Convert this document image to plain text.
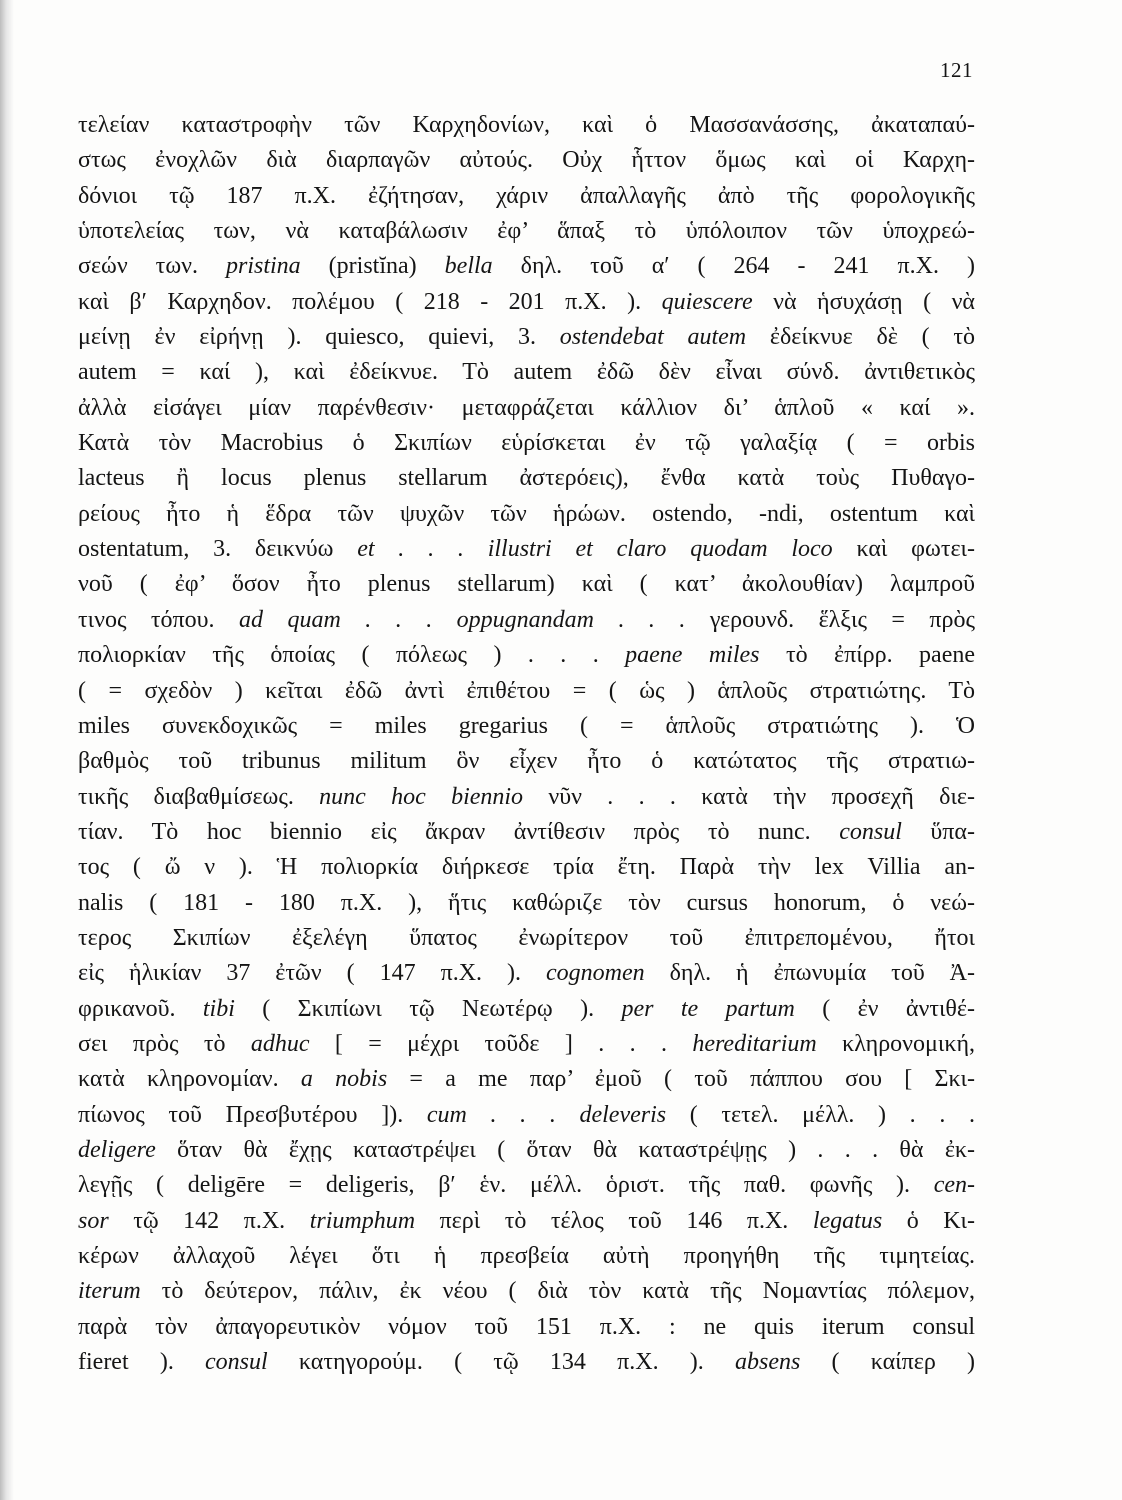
121
τελείαν καταστροφὴν τῶν Καρχηδονίων, καὶ ὁ Μασσανάσσης, ἀκαταπαύ-
στως ἐνοχλῶν διὰ διαρπαγῶν αὐτούς. Οὐχ ἧττον ὅμως καὶ οἱ Καρχη-
δόνιοι τῷ 187 π.Χ. ἐζήτησαν, χάριν ἀπαλλαγῆς ἀπὸ τῆς φορολογικῆς
ὑποτελείας των, νὰ καταβάλωσιν ἐφ’ ἅπαξ τὸ ὑπόλοιπον τῶν ὑποχρεώ-
σεών των. pristina (pristĭna) bella δηλ. τοῦ α′ ( 264 - 241 π.Χ. )
καὶ β′ Καρχηδον. πολέμου ( 218 - 201 π.Χ. ). quiescere νὰ ἡσυχάσῃ ( νὰ
μείνῃ ἐν εἰρήνῃ ). quiesco, quievi, 3. ostendebat autem ἐδείκνυε δὲ ( τὸ
autem = καί ), καὶ ἐδείκνυε. Τὸ autem ἐδῶ δὲν εἶναι σύνδ. ἀντιθετικὸς
ἀλλὰ εἰσάγει μίαν παρένθεσιν· μεταφράζεται κάλλιον δι’ ἁπλοῦ « καί ».
Κατὰ τὸν Macrobius ὁ Σκιπίων εὑρίσκεται ἐν τῷ γαλαξίᾳ ( = orbis
lacteus ἢ locus plenus stellarum ἀστερόεις), ἔνθα κατὰ τοὺς Πυθαγο-
ρείους ἦτο ἡ ἕδρα τῶν ψυχῶν τῶν ἡρώων. ostendo, -ndi, ostentum καὶ
ostentatum, 3. δεικνύω et . . . illustri et claro quodam loco καὶ φωτει-
νοῦ ( ἐφ’ ὅσον ἦτο plenus stellarum) καὶ ( κατ’ ἀκολουθίαν) λαμπροῦ
τινος τόπου. ad quam . . . oppugnandam . . . γερουνδ. ἕλξις = πρὸς
πολιορκίαν τῆς ὁποίας ( πόλεως ) . . . paene miles τὸ ἐπίρρ. paene
( = σχεδὸν ) κεῖται ἐδῶ ἀντὶ ἐπιθέτου = ( ὡς ) ἁπλοῦς στρατιώτης. Τὸ
miles συνεκδοχικῶς = miles gregarius ( = ἁπλοῦς στρατιώτης ). Ὁ
βαθμὸς τοῦ tribunus militum ὃν εἶχεν ἦτο ὁ κατώτατος τῆς στρατιω-
τικῆς διαβαθμίσεως. nunc hoc biennio νῦν . . . κατὰ τὴν προσεχῆ διε-
τίαν. Τὸ hoc biennio εἰς ἄκραν ἀντίθεσιν πρὸς τὸ nunc. consul ὕπα-
τος ( ὤ ν ). Ἡ πολιορκία διήρκεσε τρία ἔτη. Παρὰ τὴν lex Villia an-
nalis ( 181 - 180 π.Χ. ), ἥτις καθώριζε τὸν cursus honorum, ὁ νεώ-
τερος Σκιπίων ἐξελέγη ὕπατος ἐνωρίτερον τοῦ ἐπιτρεπομένου, ἤτοι
εἰς ἡλικίαν 37 ἐτῶν ( 147 π.Χ. ). cognomen δηλ. ἡ ἐπωνυμία τοῦ Ἀ-
φρικανοῦ. tibi ( Σκιπίωνι τῷ Νεωτέρῳ ). per te partum ( ἐν ἀντιθέ-
σει πρὸς τὸ adhuc [ = μέχρι τοῦδε ] . . . hereditarium κληρονομική,
κατὰ κληρονομίαν. a nobis = a me παρ’ ἐμοῦ ( τοῦ πάππου σου [ Σκι-
πίωνος τοῦ Πρεσβυτέρου ]). cum . . . deleveris ( τετελ. μέλλ. ) . . .
deligere ὅταν θὰ ἔχῃς καταστρέψει ( ὅταν θὰ καταστρέψῃς ) . . . θὰ ἐκ-
λεγῇς ( deligēre = deligeris, β′ ἑν. μέλλ. ὁριστ. τῆς παθ. φωνῆς ). cen-
sor τῷ 142 π.Χ. triumphum περὶ τὸ τέλος τοῦ 146 π.Χ. legatus ὁ Κι-
κέρων ἀλλαχοῦ λέγει ὅτι ἡ πρεσβεία αὐτὴ προηγήθη τῆς τιμητείας.
iterum τὸ δεύτερον, πάλιν, ἐκ νέου ( διὰ τὸν κατὰ τῆς Νομαντίας πόλεμον,
παρὰ τὸν ἀπαγορευτικὸν νόμον τοῦ 151 π.Χ. : ne quis iterum consul
fieret ). consul κατηγορούμ. ( τῷ 134 π.Χ. ). absens ( καίπερ )
